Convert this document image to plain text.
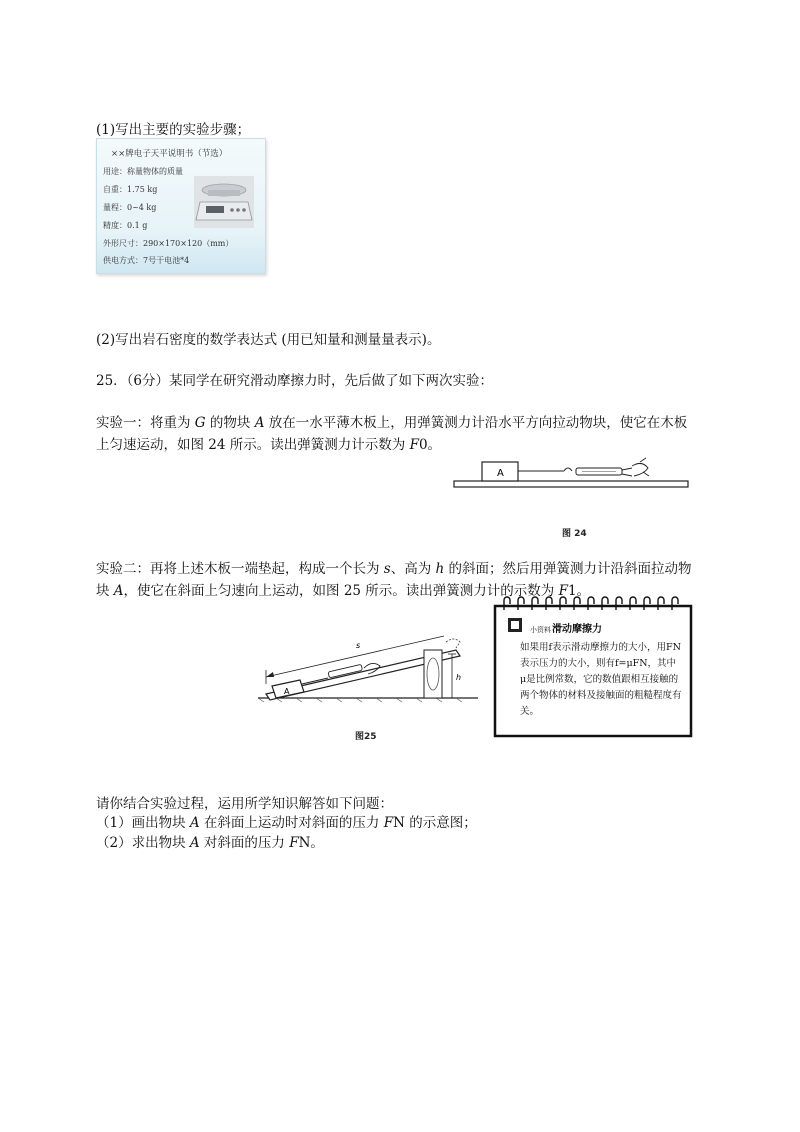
(1)写出主要的实验步骤；
××牌电子天平说明书（节选）
用途：称量物体的质量
自重：1.75 kg
量程：0~4 kg
精度：0.1 g
外形尺寸：290×170×120（mm）
供电方式：7号干电池*4
(2)写出岩石密度的数学表达式 (用已知量和测量量表示)。
25．（6分）某同学在研究滑动摩擦力时，先后做了如下两次实验：
实验一：将重为 G 的物块 A 放在一水平薄木板上，用弹簧测力计沿水平方向拉动物块，使它在木板
上匀速运动，如图 24 所示。读出弹簧测力计示数为 F0。
A
图 24
实验二：再将上述木板一端垫起，构成一个长为 s、高为 h 的斜面；然后用弹簧测力计沿斜面拉动物
块 A，使它在斜面上匀速向上运动，如图 25 所示。读出弹簧测力计的示数为 F1。
A
s
h
图25
小资料 滑动摩擦力
如果用f表示滑动摩擦力的大小，用FN表示压力的大小，则有f=μFN，其中μ是比例常数，它的数值跟相互接触的两个物体的材料及接触面的粗糙程度有关。
请你结合实验过程，运用所学知识解答如下问题：
（1）画出物块 A 在斜面上运动时对斜面的压力 FN 的示意图；
（2）求出物块 A 对斜面的压力 FN。
